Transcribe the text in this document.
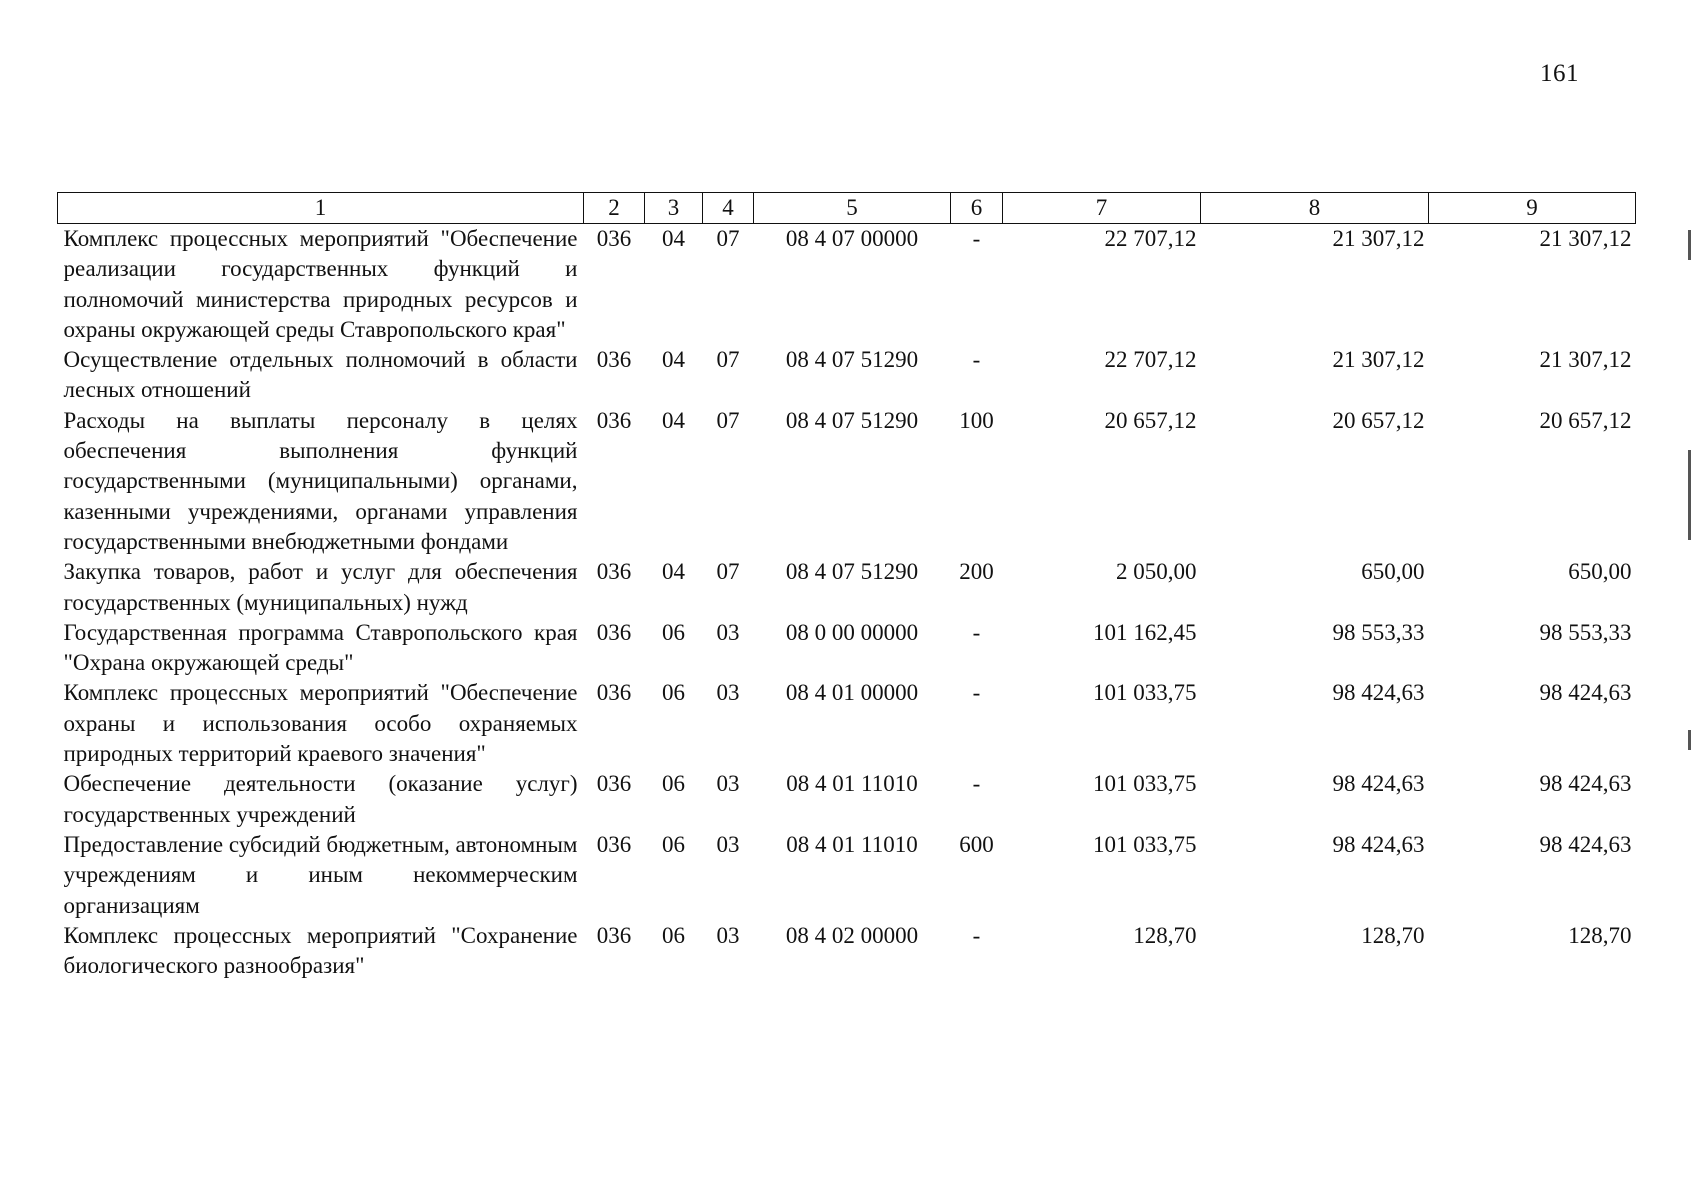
161
1	2	3	4	5	6	7	8	9
Комплекс процессных мероприятий "Обеспечение реализации государственных функций и полномочий министерства природных ресурсов и охраны окружающей среды Ставропольского края"	036	04	07	08 4 07 00000	-	22 707,12	21 307,12	21 307,12
Осуществление отдельных полномочий в области лесных отношений	036	04	07	08 4 07 51290	-	22 707,12	21 307,12	21 307,12
Расходы на выплаты персоналу в целях обеспечения выполнения функций государственными (муниципальными) органами, казенными учреждениями, органами управления государственными внебюджетными фондами	036	04	07	08 4 07 51290	100	20 657,12	20 657,12	20 657,12
Закупка товаров, работ и услуг для обеспечения государственных (муниципальных) нужд	036	04	07	08 4 07 51290	200	2 050,00	650,00	650,00
Государственная программа Ставропольского края "Охрана окружающей среды"	036	06	03	08 0 00 00000	-	101 162,45	98 553,33	98 553,33
Комплекс процессных мероприятий "Обеспечение охраны и использования особо охраняемых природных территорий краевого значения"	036	06	03	08 4 01 00000	-	101 033,75	98 424,63	98 424,63
Обеспечение деятельности (оказание услуг) государственных учреждений	036	06	03	08 4 01 11010	-	101 033,75	98 424,63	98 424,63
Предоставление субсидий бюджетным, автономным учреждениям и иным некоммерческим организациям	036	06	03	08 4 01 11010	600	101 033,75	98 424,63	98 424,63
Комплекс процессных мероприятий "Сохранение биологического разнообразия"	036	06	03	08 4 02 00000	-	128,70	128,70	128,70
